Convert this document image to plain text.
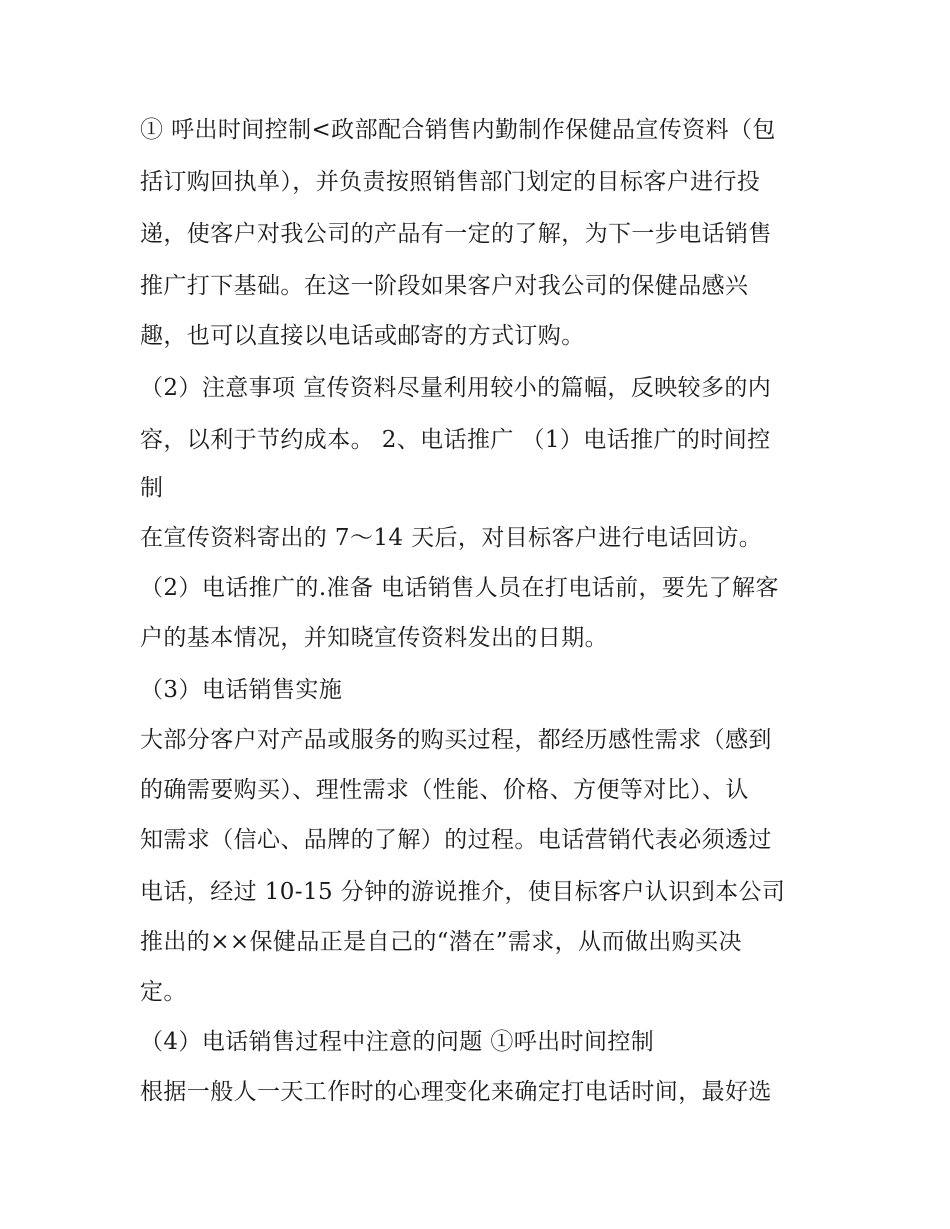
① 呼出时间控制<政部配合销售内勤制作保健品宣传资料（包
括订购回执单），并负责按照销售部门划定的目标客户进行投
递，使客户对我公司的产品有一定的了解，为下一步电话销售
推广打下基础。在这一阶段如果客户对我公司的保健品感兴
趣，也可以直接以电话或邮寄的方式订购。
（2）注意事项 宣传资料尽量利用较小的篇幅，反映较多的内
容，以利于节约成本。 2、电话推广 （1）电话推广的时间控
制
在宣传资料寄出的 7～14 天后，对目标客户进行电话回访。
（2）电话推广的.准备 电话销售人员在打电话前，要先了解客
户的基本情况，并知晓宣传资料发出的日期。
（3）电话销售实施
大部分客户对产品或服务的购买过程，都经历感性需求（感到
的确需要购买）、理性需求（性能、价格、方便等对比）、认
知需求（信心、品牌的了解）的过程。电话营销代表必须透过
电话，经过 10-15 分钟的游说推介，使目标客户认识到本公司
推出的××保健品正是自己的“潜在”需求，从而做出购买决
定。
（4）电话销售过程中注意的问题 ①呼出时间控制
根据一般人一天工作时的心理变化来确定打电话时间，最好选
